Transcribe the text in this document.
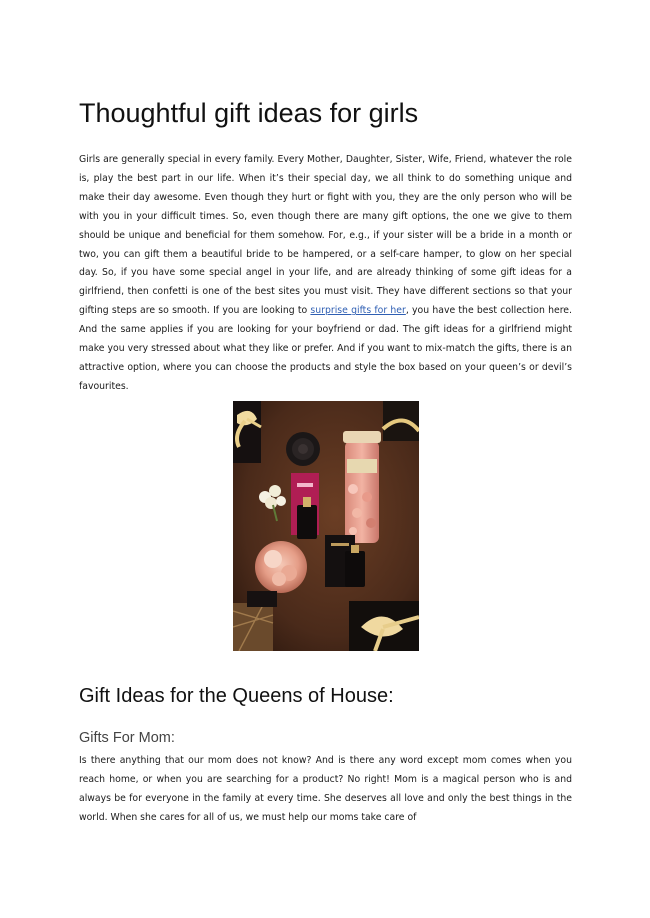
Thoughtful gift ideas for girls

Girls are generally special in every family. Every Mother, Daughter, Sister, Wife, Friend, whatever the role is, play the best part in our life. When it’s their special day, we all think to do something unique and make their day awesome. Even though they hurt or fight with you, they are the only person who will be with you in your difficult times. So, even though there are many gift options, the one we give to them should be unique and beneficial for them somehow. For, e.g., if your sister will be a bride in a month or two, you can gift them a beautiful bride to be hampered, or a self-care hamper, to glow on her special day. So, if you have some special angel in your life, and are already thinking of some gift ideas for a girlfriend, then confetti is one of the best sites you must visit. They have different sections so that your gifting steps are so smooth. If you are looking to surprise gifts for her, you have the best collection here. And the same applies if you are looking for your boyfriend or dad. The gift ideas for a girlfriend might make you very stressed about what they like or prefer. And if you want to mix-match the gifts, there is an attractive option, where you can choose the products and style the box based on your queen’s or devil’s favourites.

Gift Ideas for the Queens of House:
Gifts For Mom:

Is there anything that our mom does not know? And is there any word except mom comes when you reach home, or when you are searching for a product? No right! Mom is a magical person who is and always be for everyone in the family at every time. She deserves all love and only the best things in the world. When she cares for all of us, we must help our moms take care of
